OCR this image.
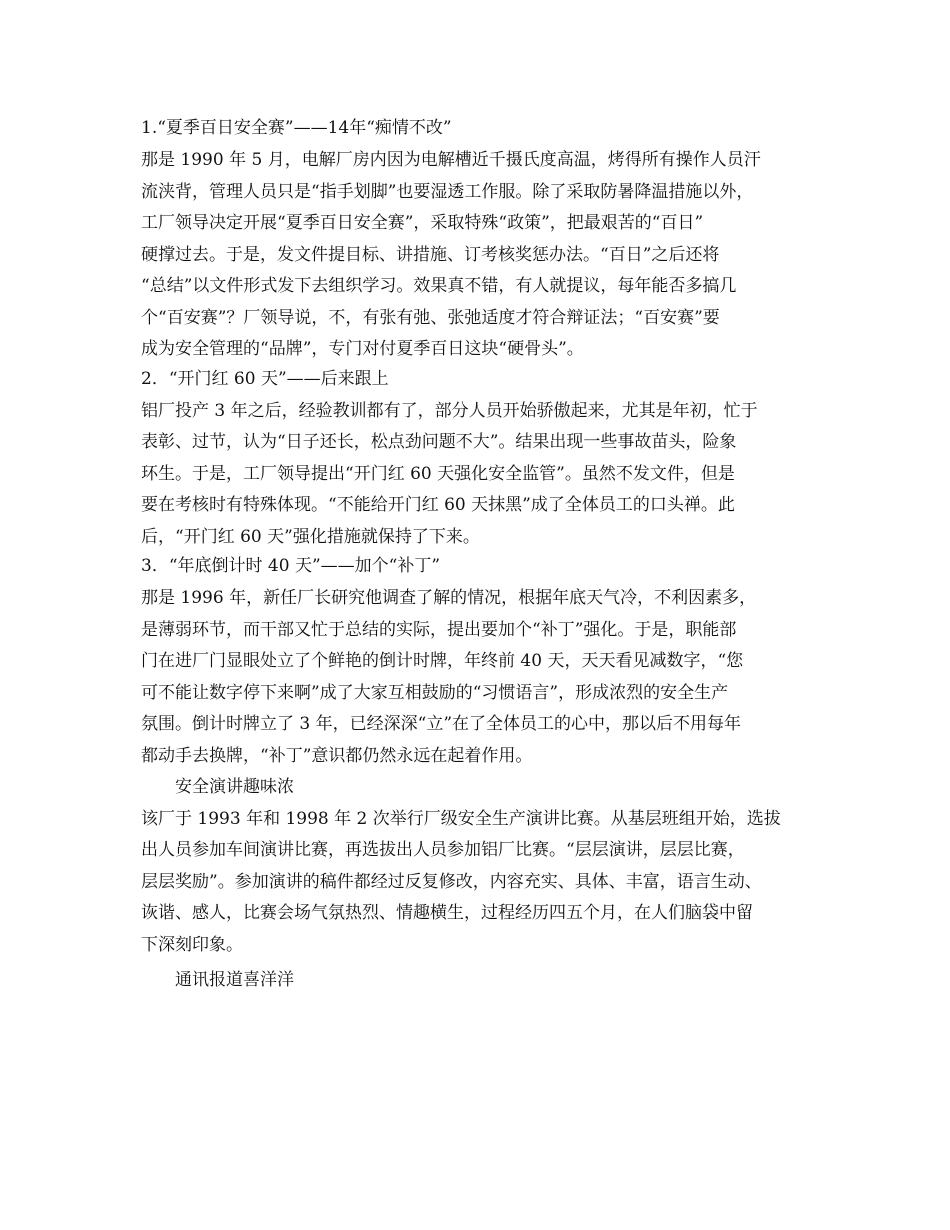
1.“夏季百日安全赛”——14年“痴情不改”
那是 1990 年 5 月，电解厂房内因为电解槽近千摄氏度高温，烤得所有操作人员汗
流浃背，管理人员只是“指手划脚”也要湿透工作服。除了采取防暑降温措施以外，
工厂领导决定开展“夏季百日安全赛”，采取特殊“政策”，把最艰苦的“百日”
硬撑过去。于是，发文件提目标、讲措施、订考核奖惩办法。“百日”之后还将
“总结”以文件形式发下去组织学习。效果真不错，有人就提议，每年能否多搞几
个“百安赛”？厂领导说，不，有张有弛、张弛适度才符合辩证法；“百安赛”要
成为安全管理的“品牌”，专门对付夏季百日这块“硬骨头”。
2．“开门红 60 天”——后来跟上
铝厂投产 3 年之后，经验教训都有了，部分人员开始骄傲起来，尤其是年初，忙于
表彰、过节，认为“日子还长，松点劲问题不大”。结果出现一些事故苗头，险象
环生。于是，工厂领导提出“开门红 60 天强化安全监管”。虽然不发文件，但是
要在考核时有特殊体现。“不能给开门红 60 天抹黑”成了全体员工的口头禅。此
后，“开门红 60 天”强化措施就保持了下来。
3．“年底倒计时 40 天”——加个“补丁”
那是 1996 年，新任厂长研究他调查了解的情况，根据年底天气冷，不利因素多，
是薄弱环节，而干部又忙于总结的实际，提出要加个“补丁”强化。于是，职能部
门在进厂门显眼处立了个鲜艳的倒计时牌，年终前 40 天，天天看见减数字，“您
可不能让数字停下来啊”成了大家互相鼓励的“习惯语言”，形成浓烈的安全生产
氛围。倒计时牌立了 3 年，已经深深“立”在了全体员工的心中，那以后不用每年
都动手去换牌，“补丁”意识都仍然永远在起着作用。
安全演讲趣味浓
该厂于 1993 年和 1998 年 2 次举行厂级安全生产演讲比赛。从基层班组开始，选拔
出人员参加车间演讲比赛，再选拔出人员参加铝厂比赛。“层层演讲，层层比赛，
层层奖励”。参加演讲的稿件都经过反复修改，内容充实、具体、丰富，语言生动、
诙谐、感人，比赛会场气氛热烈、情趣横生，过程经历四五个月，在人们脑袋中留
下深刻印象。
通讯报道喜洋洋
